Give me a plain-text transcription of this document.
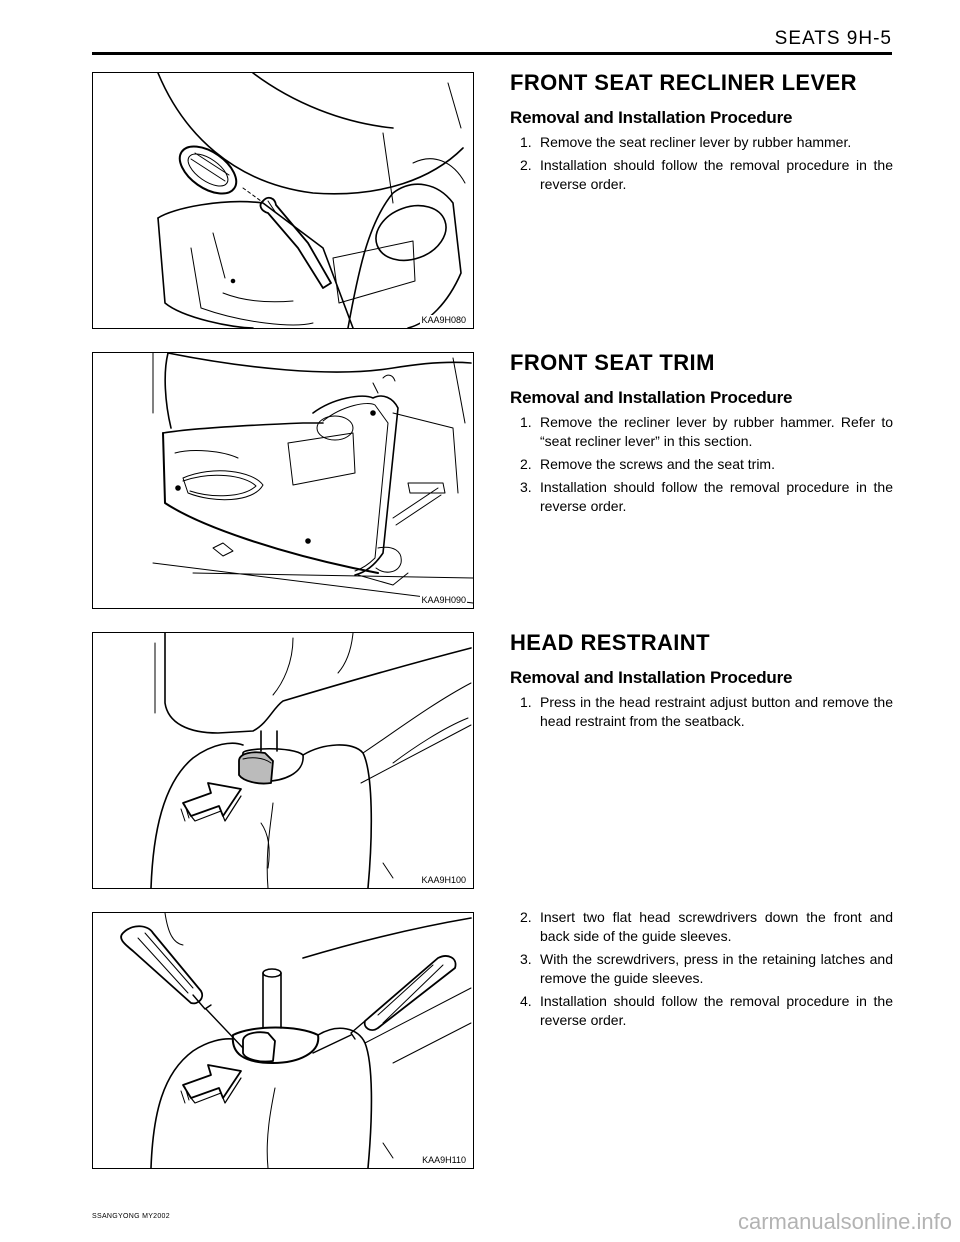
SEATS 9H-5
KAA9H080
KAA9H090
KAA9H100
KAA9H110
FRONT SEAT RECLINER LEVER
Removal and Installation Procedure
1. Remove the seat recliner lever by rubber hammer.
2. Installation should follow the removal procedure in the reverse order.
FRONT SEAT TRIM
Removal and Installation Procedure
1. Remove the recliner lever by rubber hammer. Refer to “seat recliner lever” in this section.
2. Remove the screws and the seat trim.
3. Installation should follow the removal procedure in the reverse order.
HEAD RESTRAINT
Removal and Installation Procedure
1. Press in the head restraint adjust button and remove the head restraint from the seatback.
2. Insert two flat head screwdrivers down the front and back side of the guide sleeves.
3. With the screwdrivers, press in the retaining latches and remove the guide sleeves.
4. Installation should follow the removal procedure in the reverse order.
SSANGYONG MY2002	carmanualsonline.info
